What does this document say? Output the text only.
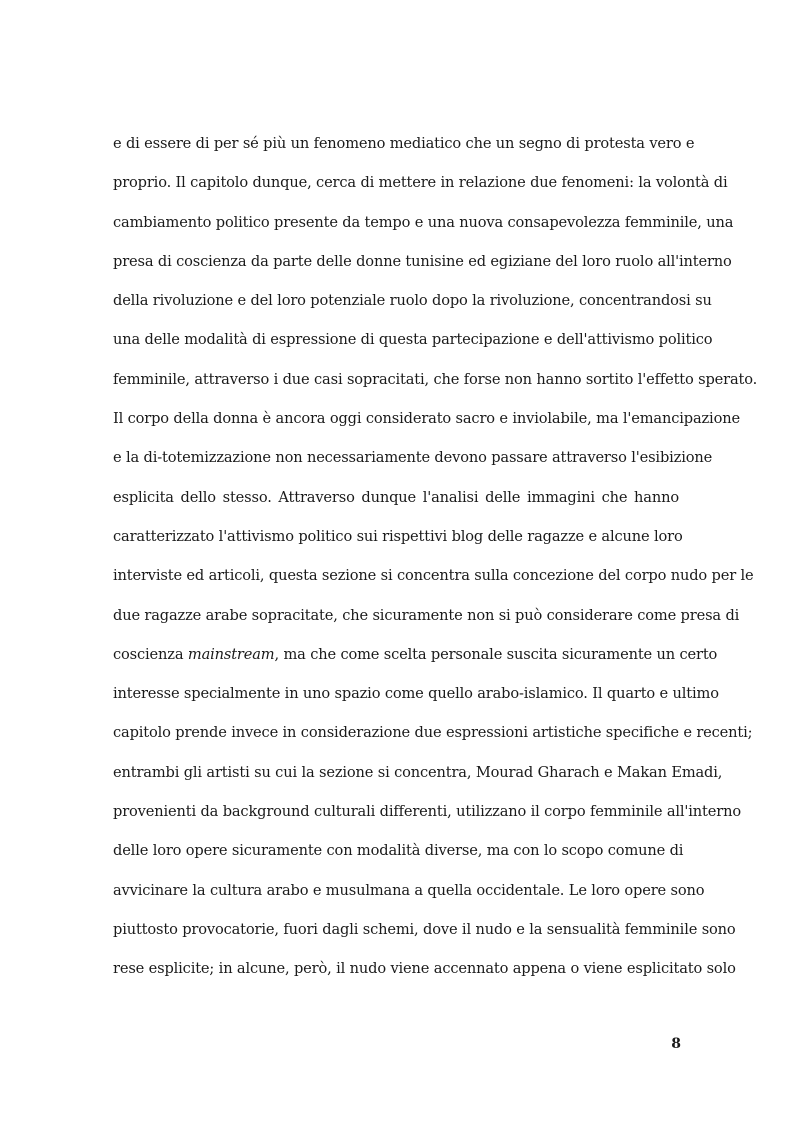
e di essere di per sé più un fenomeno mediatico che un segno di protesta vero e
proprio. Il capitolo dunque, cerca di mettere in relazione due fenomeni: la volontà di
cambiamento politico presente da tempo e una nuova consapevolezza femminile, una
presa di coscienza da parte delle donne tunisine ed egiziane del loro ruolo all'interno
della rivoluzione e del loro potenziale ruolo dopo la rivoluzione, concentrandosi su
una delle modalità di espressione di questa partecipazione e dell'attivismo politico
femminile, attraverso i due casi sopracitati, che forse non hanno sortito l'effetto sperato.
Il corpo della donna è ancora oggi considerato sacro e inviolabile, ma l'emancipazione
e la di-totemizzazione non necessariamente devono passare attraverso l'esibizione
esplicita dello stesso. Attraverso dunque l'analisi delle immagini che hanno
caratterizzato l'attivismo politico sui rispettivi blog delle ragazze e alcune loro
interviste ed articoli, questa sezione si concentra sulla concezione del corpo nudo per le
due ragazze arabe sopracitate, che sicuramente non si può considerare come presa di
coscienza mainstream, ma che come scelta personale suscita sicuramente un certo
interesse specialmente in uno spazio come quello arabo-islamico. Il quarto e ultimo
capitolo prende invece in considerazione due espressioni artistiche specifiche e recenti;
entrambi gli artisti su cui la sezione si concentra, Mourad Gharach e Makan Emadi,
provenienti da background culturali differenti, utilizzano il corpo femminile all'interno
delle loro opere sicuramente con modalità diverse, ma con lo scopo comune di
avvicinare la cultura arabo e musulmana a quella occidentale. Le loro opere sono
piuttosto provocatorie, fuori dagli schemi, dove il nudo e la sensualità femminile sono
rese esplicite; in alcune, però, il nudo viene accennato appena o viene esplicitato solo
8
